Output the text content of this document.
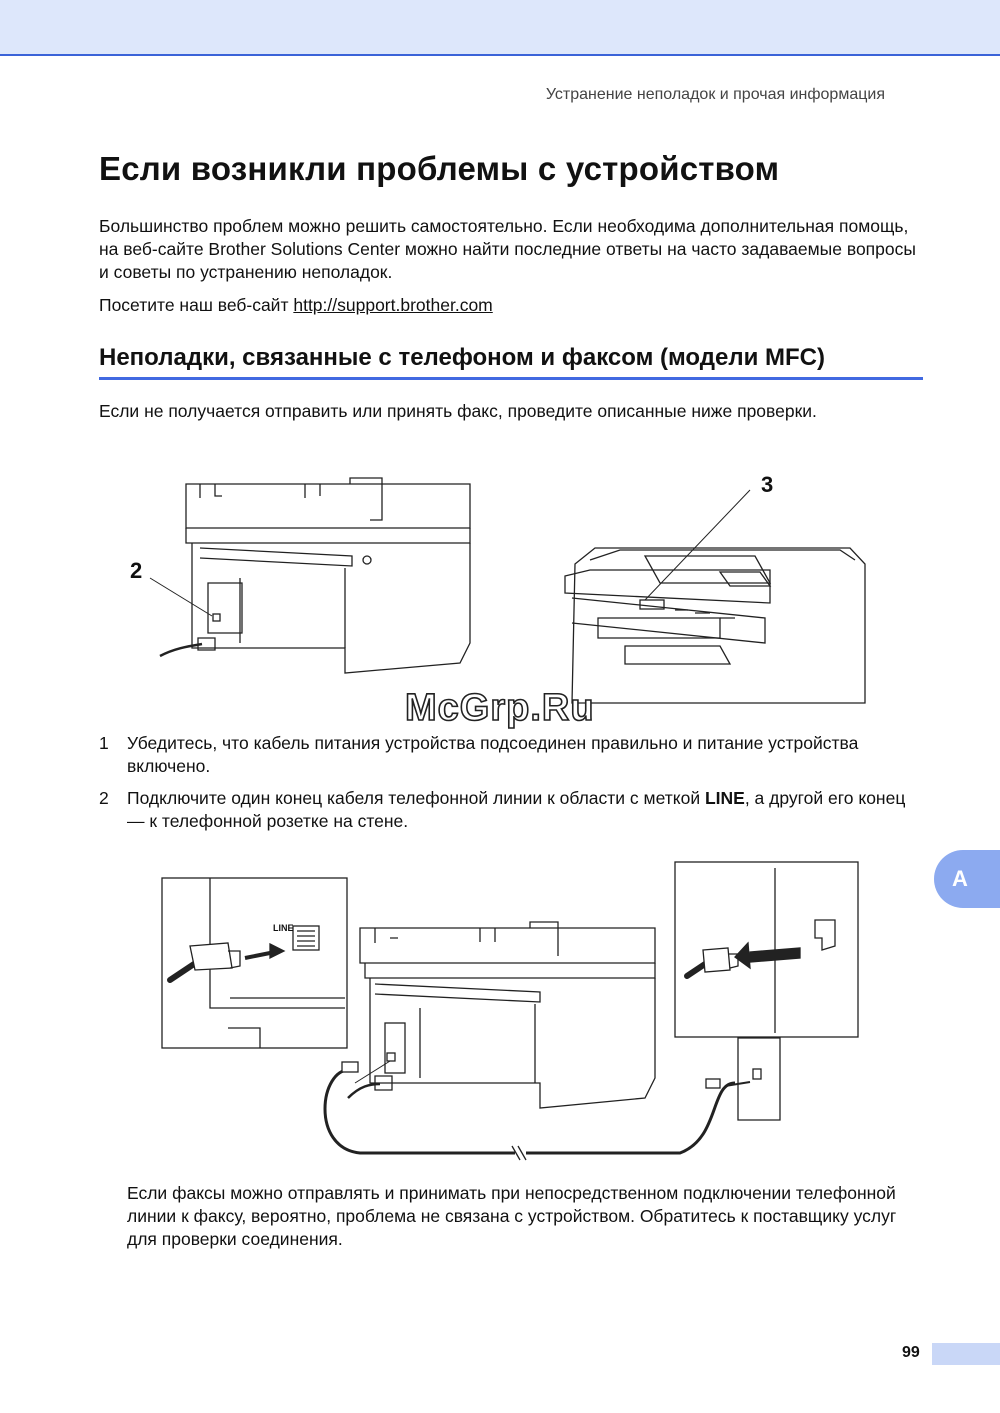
Устранение неполадок и прочая информация
Если возникли проблемы с устройством

Большинство проблем можно решить самостоятельно. Если необходима дополнительная помощь, на веб-сайте Brother Solutions Center можно найти последние ответы на часто задаваемые вопросы и советы по устранению неполадок.

Посетите наш веб-сайт http://support.brother.com

Неполадки, связанные с телефоном и факсом (модели MFC)

Если не получается отправить или принять факс, проведите описанные ниже проверки.

2
3
McGrp.Ru
1 Убедитесь, что кабель питания устройства подсоединен правильно и питание устройства включено.
2 Подключите один конец кабеля телефонной линии к области с меткой LINE, а другой его конец — к телефонной розетке на стене.
LINE

Если факсы можно отправлять и принимать при непосредственном подключении телефонной линии к факсу, вероятно, проблема не связана с устройством. Обратитесь к поставщику услуг для проверки соединения.

A
99
